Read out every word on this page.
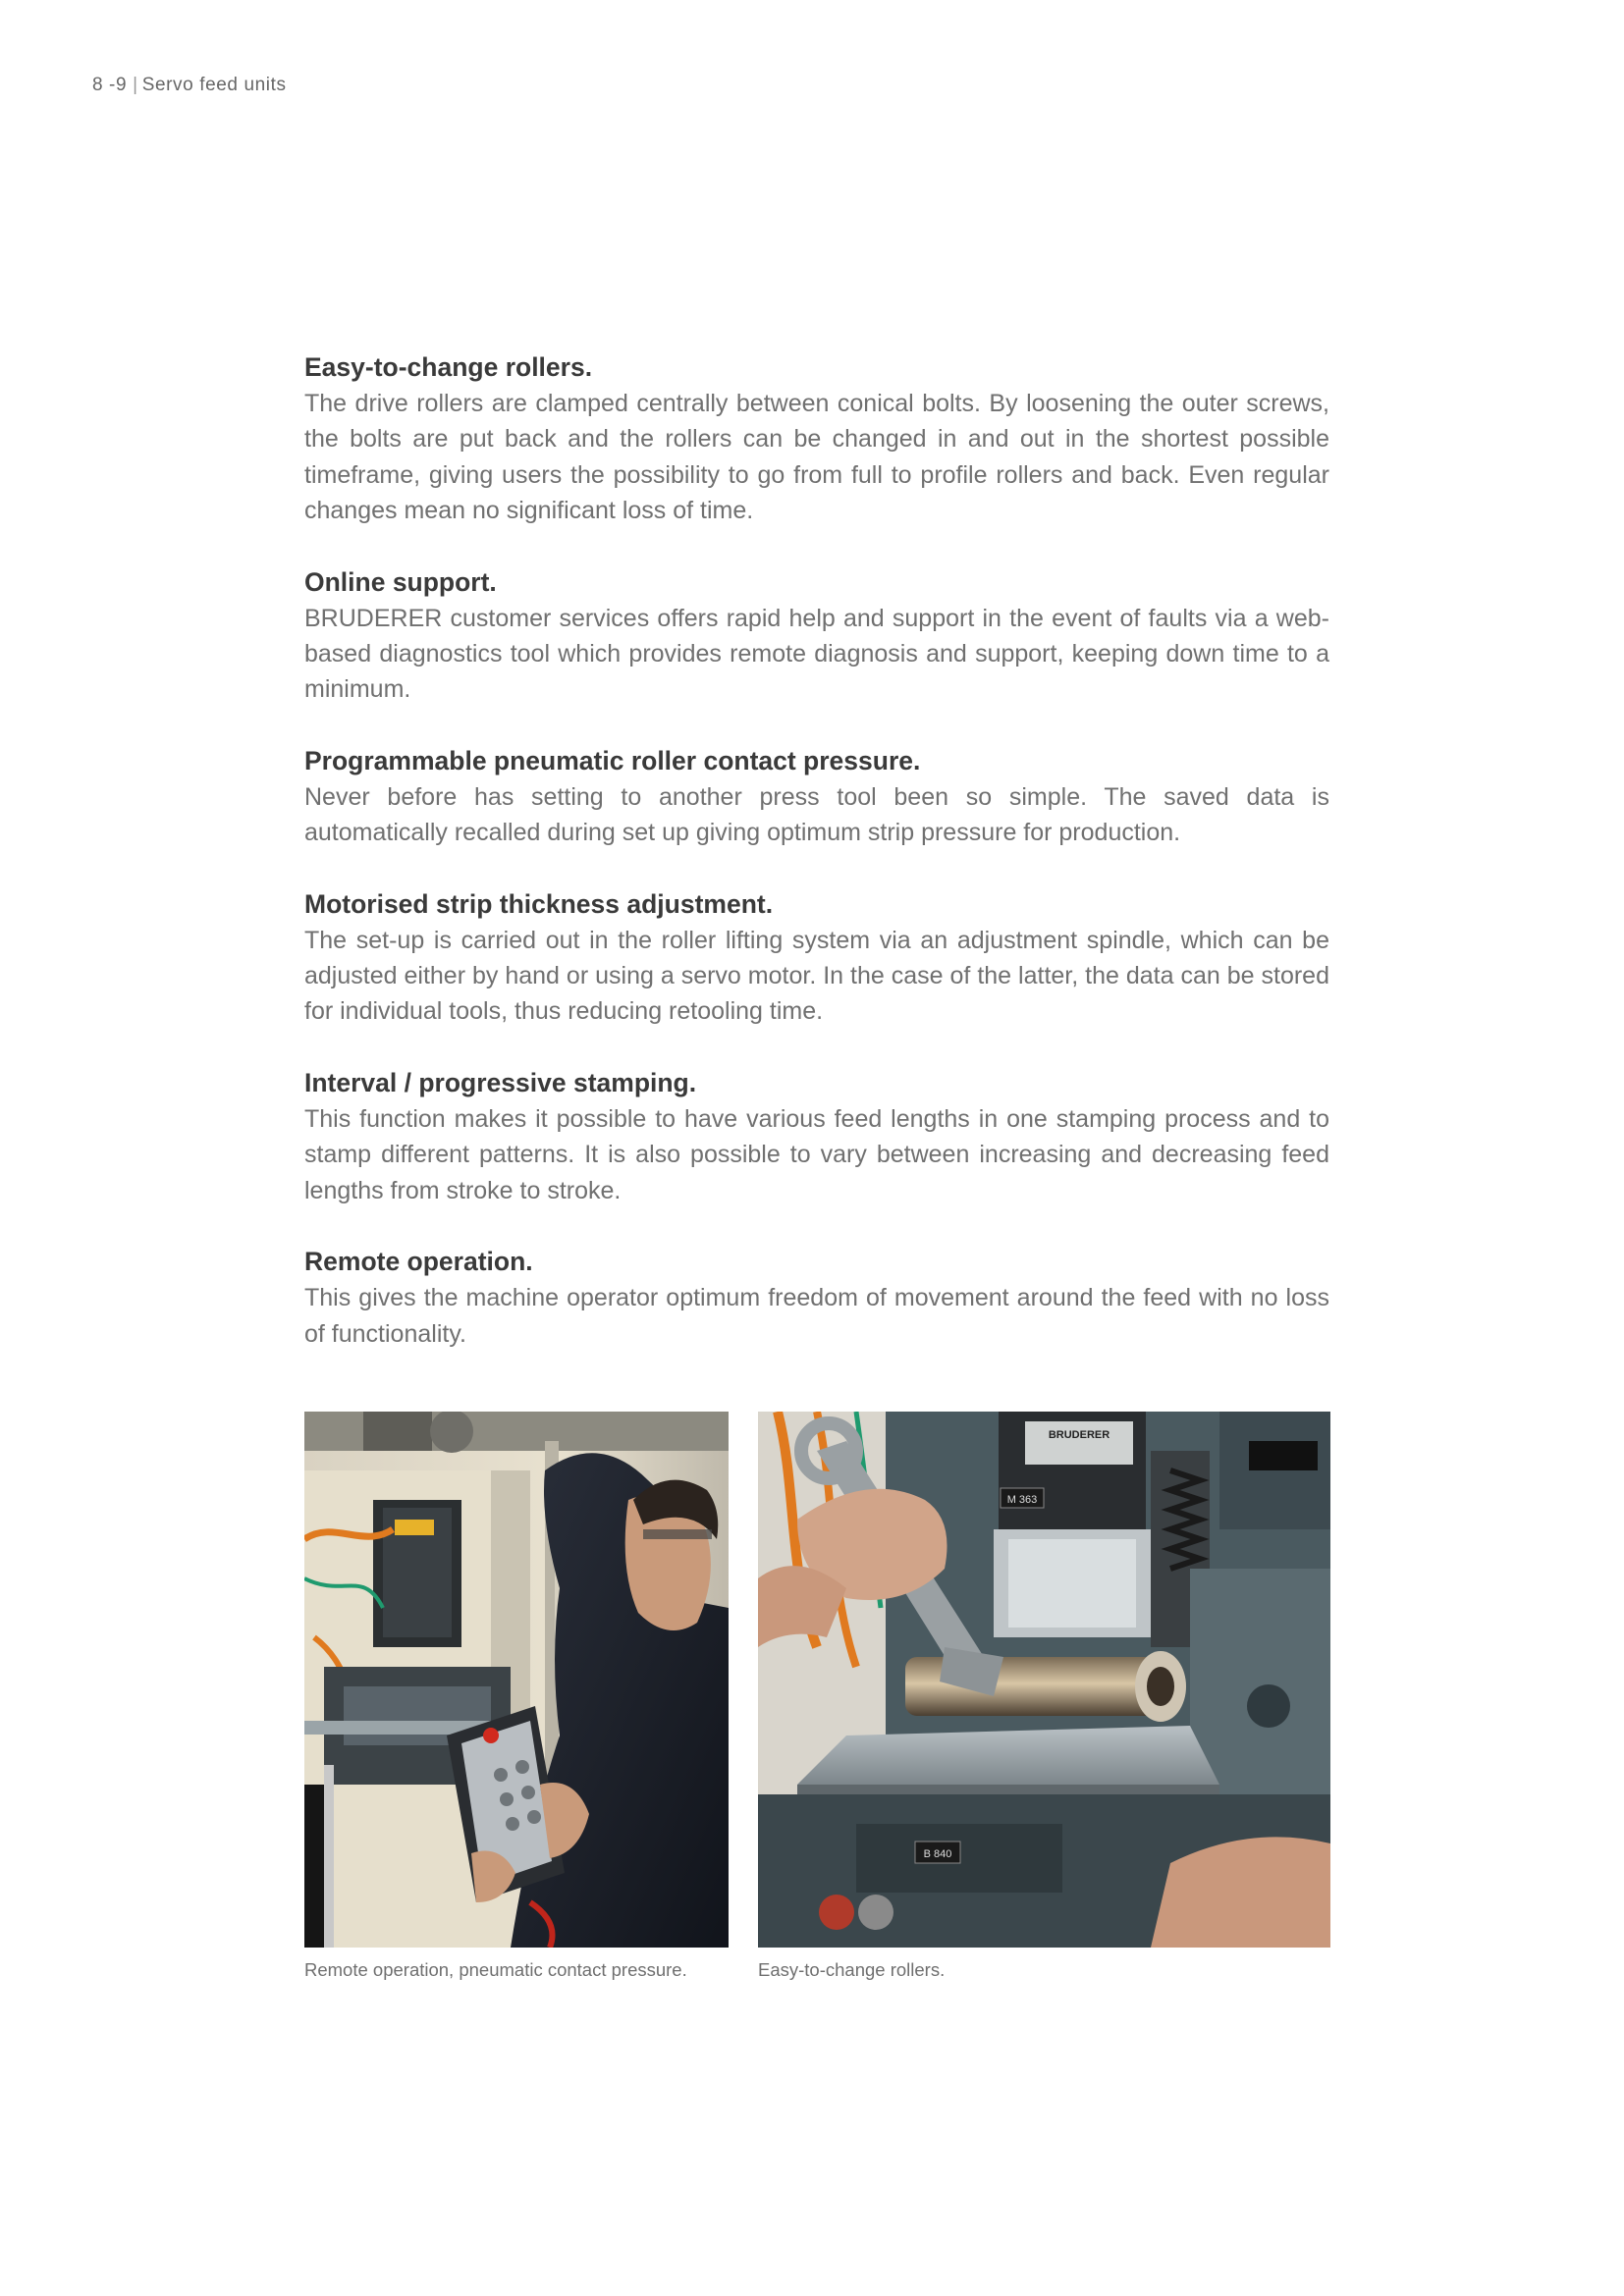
8 -9 | Servo feed units
Easy-to-change rollers.

The drive rollers are clamped centrally between conical bolts. By loosening the outer screws, the bolts are put back and the rollers can be changed in and out in the shortest possible timeframe, giving users the possibility to go from full to profile rollers and back. Even regular changes mean no significant loss of time.

Online support.

BRUDERER customer services offers rapid help and support in the event of faults via a web-based diagnostics tool which provides remote diagnosis and support, keeping down time to a minimum.

Programmable pneumatic roller contact pressure.

Never before has setting to another press tool been so simple. The saved data is automatically recalled during set up giving optimum strip pressure for production.

Motorised strip thickness adjustment.

The set-up is carried out in the roller lifting system via an adjustment spindle, which can be adjusted either by hand or using a servo motor. In the case of the latter, the data can be stored for individual tools, thus reducing retooling time.

Interval / progressive stamping.

This function makes it possible to have various feed lengths in one stamping process and to stamp different patterns. It is also possible to vary between increasing and decreasing feed lengths from stroke to stroke.

Remote operation.

This gives the machine operator optimum freedom of movement around the feed with no loss of functionality.

BRUDERER
M 363
B 840
Remote operation, pneumatic contact pressure.	Easy-to-change rollers.
